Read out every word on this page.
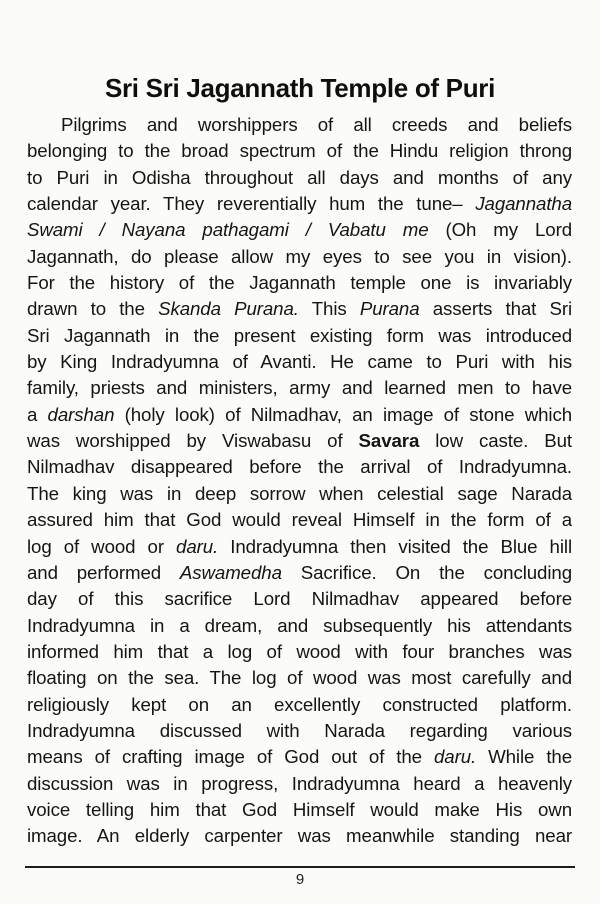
Sri Sri Jagannath Temple of Puri
Pilgrims and worshippers of all creeds and beliefs
belonging to the broad spectrum of the Hindu religion throng
to Puri in Odisha throughout all days and months of any
calendar year. They reverentially hum the tune– Jagannatha
Swami / Nayana pathagami / Vabatu me (Oh my Lord
Jagannath, do please allow my eyes to see you in vision).
For the history of the Jagannath temple one is invariably
drawn to the Skanda Purana. This Purana asserts that Sri
Sri Jagannath in the present existing form was introduced
by King Indradyumna of Avanti. He came to Puri with his
family, priests and ministers, army and learned men to have
a darshan (holy look) of Nilmadhav, an image of stone which
was worshipped by Viswabasu of Savara low caste. But
Nilmadhav disappeared before the arrival of Indradyumna.
The king was in deep sorrow when celestial sage Narada
assured him that God would reveal Himself in the form of a
log of wood or daru. Indradyumna then visited the Blue hill
and performed Aswamedha Sacrifice. On the concluding
day of this sacrifice Lord Nilmadhav appeared before
Indradyumna in a dream, and subsequently his attendants
informed him that a log of wood with four branches was
floating on the sea. The log of wood was most carefully and
religiously kept on an excellently constructed platform.
Indradyumna discussed with Narada regarding various
means of crafting image of God out of the daru. While the
discussion was in progress, Indradyumna heard a heavenly
voice telling him that God Himself would make His own
image. An elderly carpenter was meanwhile standing near
9
